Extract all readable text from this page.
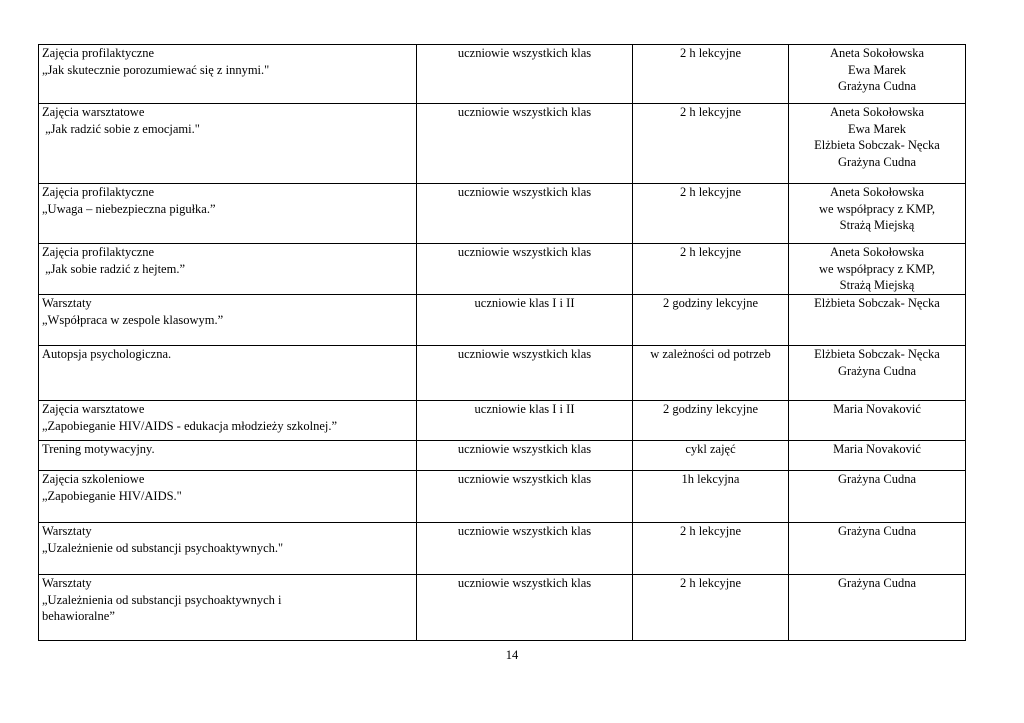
Zajęcia profilaktyczne
„Jak skutecznie porozumiewać się z innymi."	uczniowie wszystkich klas	2 h lekcyjne	Aneta Sokołowska
Ewa Marek
Grażyna Cudna

Zajęcia warsztatowe
„Jak radzić sobie z emocjami."	uczniowie wszystkich klas	2 h lekcyjne	Aneta Sokołowska
Ewa Marek
Elżbieta Sobczak- Nęcka
Grażyna Cudna

Zajęcia profilaktyczne
„Uwaga – niebezpieczna pigułka.”	uczniowie wszystkich klas	2 h lekcyjne	Aneta Sokołowska
we współpracy z KMP,
Strażą Miejską

Zajęcia profilaktyczne
„Jak sobie radzić z hejtem.”	uczniowie wszystkich klas	2 h lekcyjne	Aneta Sokołowska
we współpracy z KMP,
Strażą Miejską

Warsztaty
„Współpraca w zespole klasowym.”	uczniowie klas I i II	2 godziny lekcyjne	Elżbieta Sobczak- Nęcka

Autopsja psychologiczna.	uczniowie wszystkich klas	w zależności od potrzeb	Elżbieta Sobczak- Nęcka
Grażyna Cudna

Zajęcia warsztatowe
„Zapobieganie HIV/AIDS - edukacja młodzieży szkolnej.”	uczniowie klas I i II	2 godziny lekcyjne	Maria Novaković

Trening motywacyjny.	uczniowie wszystkich klas	cykl zajęć	Maria Novaković

Zajęcia szkoleniowe
„Zapobieganie HIV/AIDS."	uczniowie wszystkich klas	1h lekcyjna	Grażyna Cudna

Warsztaty
„Uzależnienie od substancji psychoaktywnych."	uczniowie wszystkich klas	2 h lekcyjne	Grażyna Cudna

Warsztaty
„Uzależnienia od substancji psychoaktywnych i
behawioralne”	uczniowie wszystkich klas	2 h lekcyjne	Grażyna Cudna
14
